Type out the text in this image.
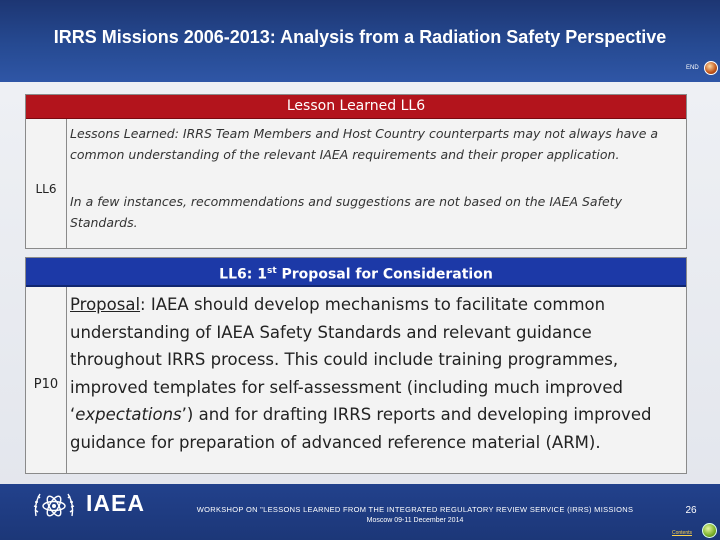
IRRS Missions 2006-2013: Analysis from a Radiation Safety Perspective
END
Lesson Learned LL6
LL6
Lessons Learned: IRRS Team Members and Host Country counterparts may not always have a common understanding of the relevant IAEA requirements and their proper application.
In a few instances, recommendations and suggestions are not based on the IAEA Safety Standards.
LL6: 1st Proposal for Consideration
P10
Proposal: IAEA should develop mechanisms to facilitate common understanding of IAEA Safety Standards and relevant guidance throughout IRRS process. This could include training programmes, improved templates for self-assessment (including much improved ‘expectations’) and for drafting IRRS reports and developing improved guidance for preparation of advanced reference material (ARM).
IAEA	WORKSHOP ON "LESSONS LEARNED FROM THE INTEGRATED REGULATORY REVIEW SERVICE (IRRS) MISSIONS
Moscow 09-11 December 2014
26
Contents
